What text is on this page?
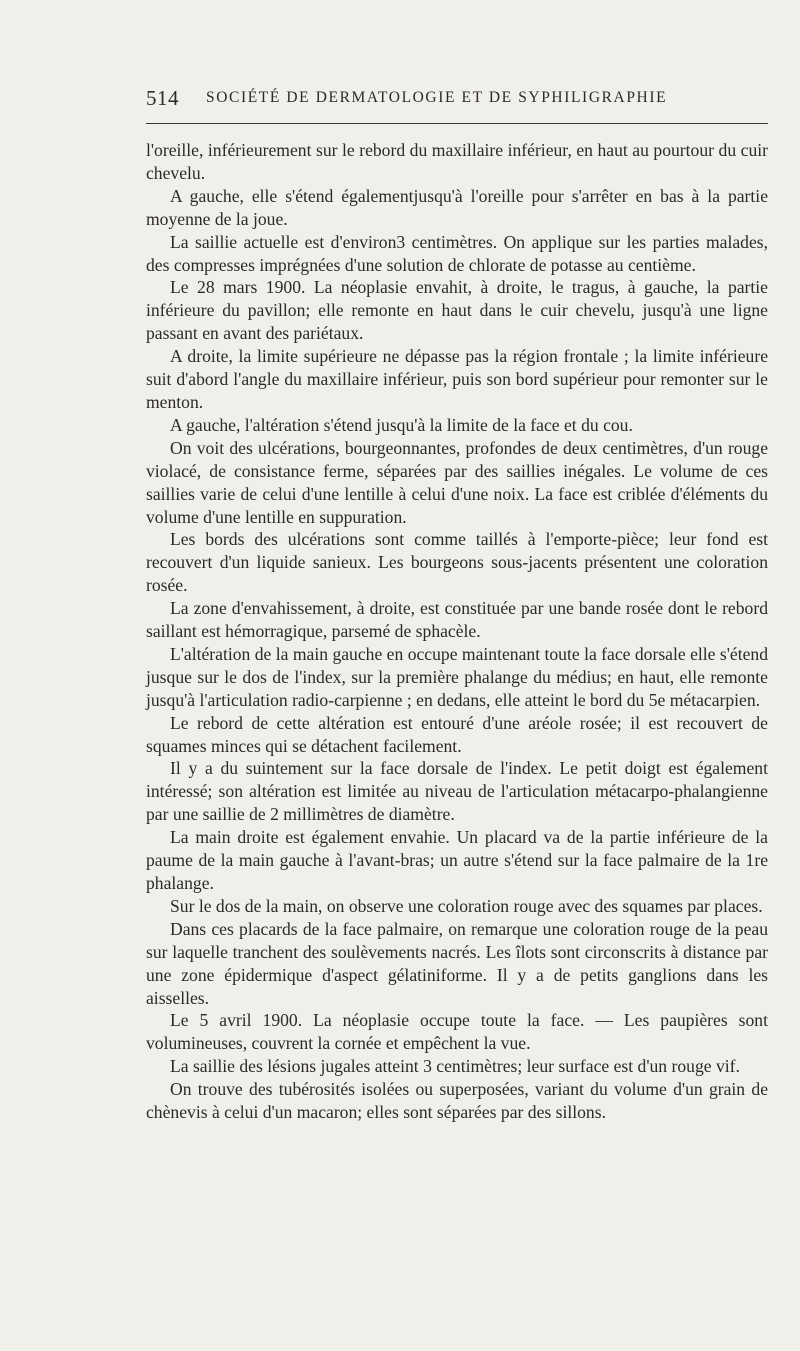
514 SOCIÉTÉ DE DERMATOLOGIE ET DE SYPHILIGRAPHIE

l'oreille, inférieurement sur le rebord du maxillaire inférieur, en haut au pourtour du cuir chevelu.

A gauche, elle s'étend égalementjusqu'à l'oreille pour s'arrêter en bas à la partie moyenne de la joue.

La saillie actuelle est d'environ3 centimètres. On applique sur les parties malades, des compresses imprégnées d'une solution de chlorate de potasse au centième.

Le 28 mars 1900. La néoplasie envahit, à droite, le tragus, à gauche, la partie inférieure du pavillon; elle remonte en haut dans le cuir chevelu, jusqu'à une ligne passant en avant des pariétaux.

A droite, la limite supérieure ne dépasse pas la région frontale ; la limite inférieure suit d'abord l'angle du maxillaire inférieur, puis son bord supérieur pour remonter sur le menton.

A gauche, l'altération s'étend jusqu'à la limite de la face et du cou.

On voit des ulcérations, bourgeonnantes, profondes de deux centimètres, d'un rouge violacé, de consistance ferme, séparées par des saillies inégales. Le volume de ces saillies varie de celui d'une lentille à celui d'une noix. La face est criblée d'éléments du volume d'une lentille en suppuration.

Les bords des ulcérations sont comme taillés à l'emporte-pièce; leur fond est recouvert d'un liquide sanieux. Les bourgeons sous-jacents présentent une coloration rosée.

La zone d'envahissement, à droite, est constituée par une bande rosée dont le rebord saillant est hémorragique, parsemé de sphacèle.

L'altération de la main gauche en occupe maintenant toute la face dorsale elle s'étend jusque sur le dos de l'index, sur la première phalange du médius; en haut, elle remonte jusqu'à l'articulation radio-carpienne ; en dedans, elle atteint le bord du 5e métacarpien.

Le rebord de cette altération est entouré d'une aréole rosée; il est recouvert de squames minces qui se détachent facilement.

Il y a du suintement sur la face dorsale de l'index. Le petit doigt est également intéressé; son altération est limitée au niveau de l'articulation métacarpo-phalangienne par une saillie de 2 millimètres de diamètre.

La main droite est également envahie. Un placard va de la partie inférieure de la paume de la main gauche à l'avant-bras; un autre s'étend sur la face palmaire de la 1re phalange.

Sur le dos de la main, on observe une coloration rouge avec des squames par places.

Dans ces placards de la face palmaire, on remarque une coloration rouge de la peau sur laquelle tranchent des soulèvements nacrés. Les îlots sont circonscrits à distance par une zone épidermique d'aspect gélatiniforme. Il y a de petits ganglions dans les aisselles.

Le 5 avril 1900. La néoplasie occupe toute la face. — Les paupières sont volumineuses, couvrent la cornée et empêchent la vue.

La saillie des lésions jugales atteint 3 centimètres; leur surface est d'un rouge vif.

On trouve des tubérosités isolées ou superposées, variant du volume d'un grain de chènevis à celui d'un macaron; elles sont séparées par des sillons.
